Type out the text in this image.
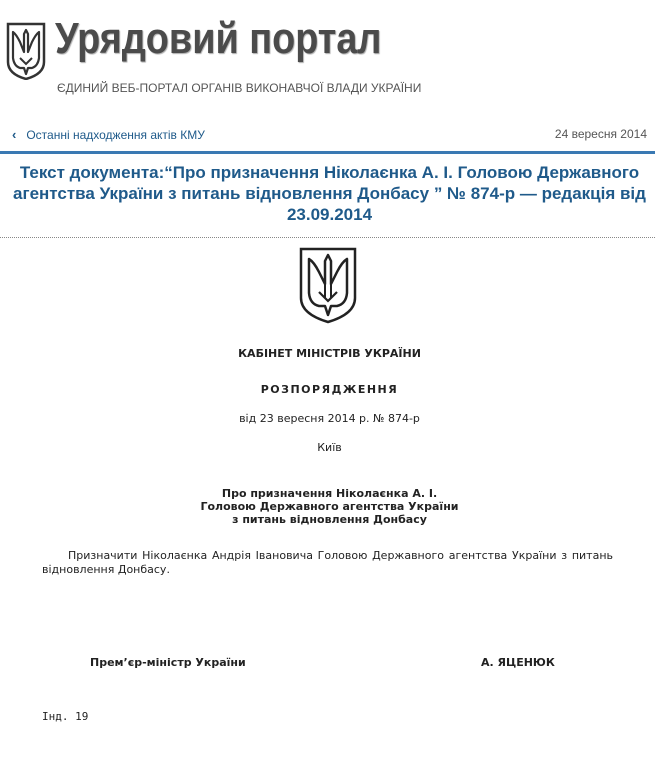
Урядовий портал
ЄДИНИЙ ВЕБ-ПОРТАЛ ОРГАНІВ ВИКОНАВЧОЇ ВЛАДИ УКРАЇНИ
‹ Останні надходження актів КМУ	24 вересня 2014
Текст документа:“Про призначення Ніколаєнка А. І. Головою Державного агентства України з питань відновлення Донбасу ” № 874-р — редакція від 23.09.2014
КАБІНЕТ МІНІСТРІВ УКРАЇНИ
РОЗПОРЯДЖЕННЯ
від 23 вересня 2014 р. № 874-р
Київ
Про призначення Ніколаєнка А. І.
Головою Державного агентства України
з питань відновлення Донбасу
Призначити Ніколаєнка Андрія Івановича Головою Державного агентства України з питань відновлення Донбасу.
Прем’єр-міністр України	А. ЯЦЕНЮК
Інд. 19
